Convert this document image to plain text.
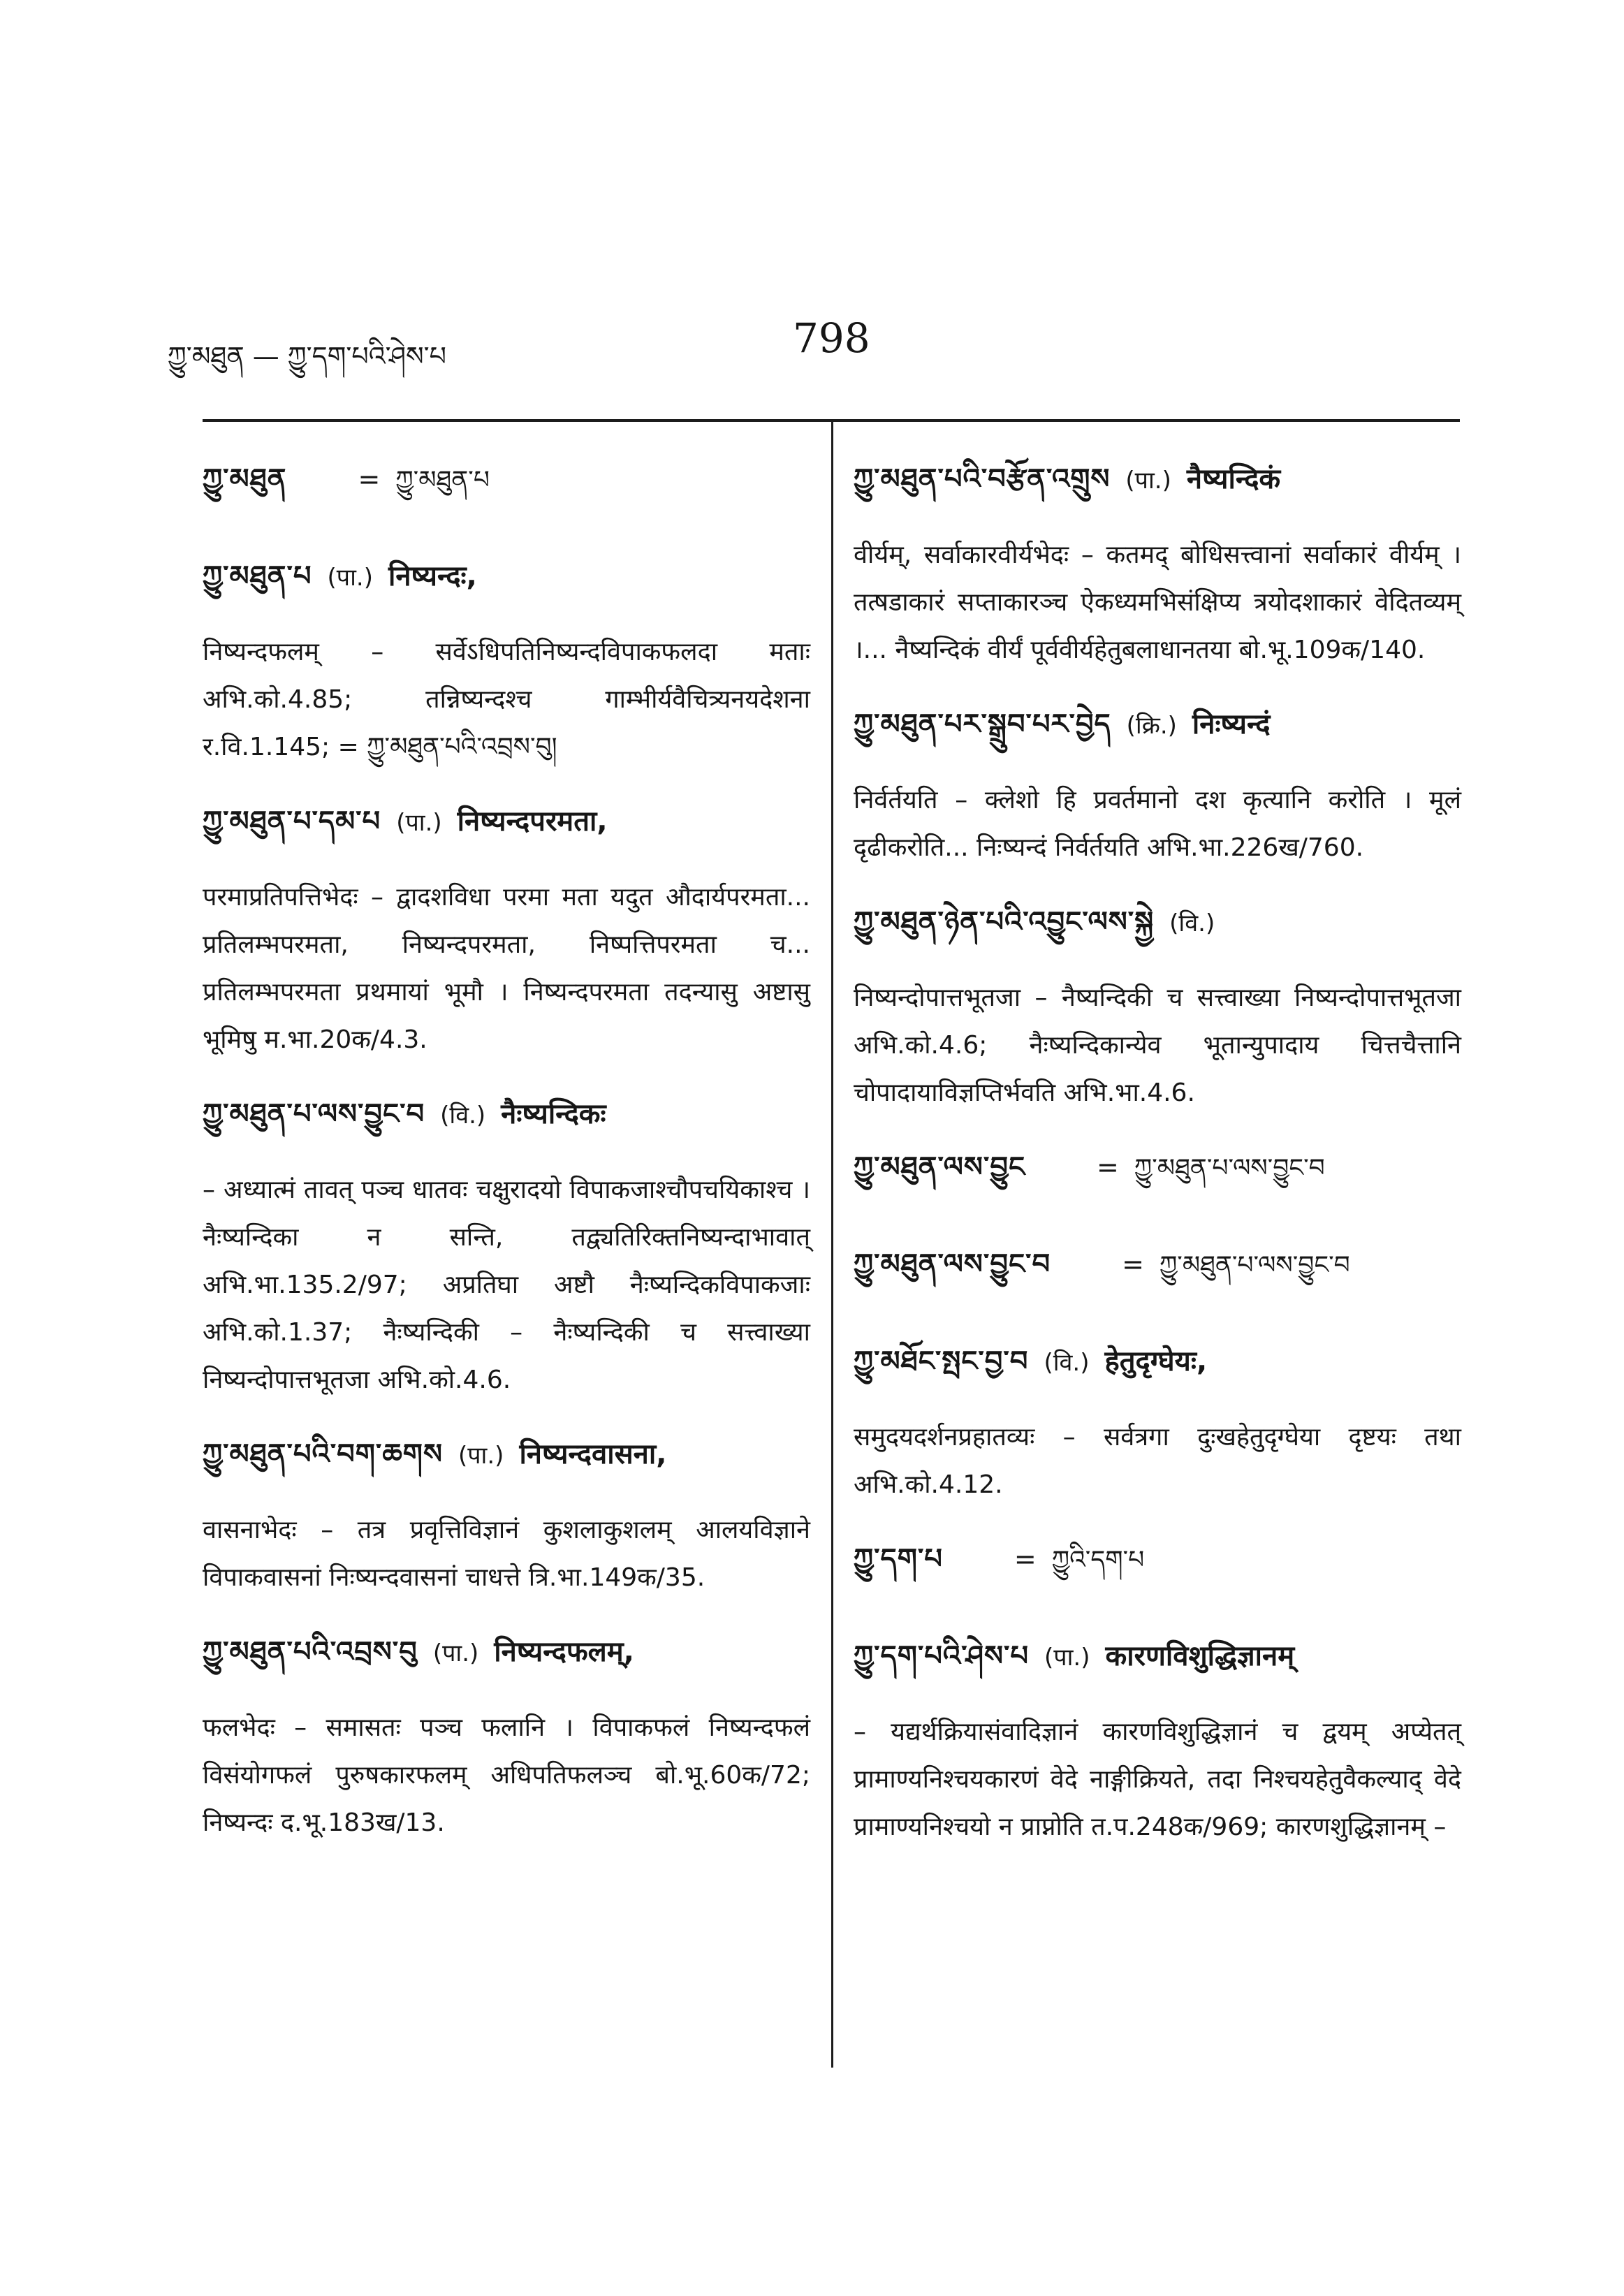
ཀྱུ་མཐུན — ཀྱུ་དག་པའི་ཤེས་པ	798
ཀྱུ་མཐུན	= ཀྱུ་མཐུན་པ
ཀྱུ་མཐུན་པ (पा.) निष्यन्दः,
निष्यन्दफलम् – सर्वेऽधिपतिनिष्यन्दविपाकफलदा मताः अभि.को.4.85; तन्निष्यन्दश्च गाम्भीर्यवैचित्र्यनयदेशना र.वि.1.145; = ཀྱུ་མཐུན་པའི་འབྲས་བུ།
ཀྱུ་མཐུན་པ་དམ་པ (पा.) निष्यन्दपरमता,
परमाप्रतिपत्तिभेदः – द्वादशविधा परमा मता यदुत औदार्यपरमता... प्रतिलम्भपरमता, निष्यन्दपरमता, निष्पत्तिपरमता च... प्रतिलम्भपरमता प्रथमायां भूमौ । निष्यन्दपरमता तदन्यासु अष्टासु भूमिषु म.भा.20क/4.3.
ཀྱུ་མཐུན་པ་ལས་བྱུང་བ (वि.) नैःष्यन्दिकः
– अध्यात्मं तावत् पञ्च धातवः चक्षुरादयो विपाकजाश्चौपचयिकाश्च । नैःष्यन्दिका न सन्ति, तद्व्यतिरिक्तनिष्यन्दाभावात् अभि.भा.135.2/97; अप्रतिघा अष्टौ नैःष्यन्दिकविपाकजाः अभि.को.1.37; नैःष्यन्दिकी – नैःष्यन्दिकी च सत्त्वाख्या निष्यन्दोपात्तभूतजा अभि.को.4.6.
ཀྱུ་མཐུན་པའི་བག་ཆགས (पा.) निष्यन्दवासना,
वासनाभेदः – तत्र प्रवृत्तिविज्ञानं कुशलाकुशलम् आलयविज्ञाने विपाकवासनां निःष्यन्दवासनां चाधत्ते त्रि.भा.149क/35.
ཀྱུ་མཐུན་པའི་འབྲས་བུ (पा.) निष्यन्दफलम्,
फलभेदः – समासतः पञ्च फलानि । विपाकफलं निष्यन्दफलं विसंयोगफलं पुरुषकारफलम् अधिपतिफलञ्च बो.भू.60क/72; निष्यन्दः द.भू.183ख/13.
ཀྱུ་མཐུན་པའི་བརྩོན་འགྲུས (पा.) नैष्यन्दिकं
वीर्यम्, सर्वाकारवीर्यभेदः – कतमद् बोधिसत्त्वानां सर्वाकारं वीर्यम् । तत्षडाकारं सप्ताकारञ्च ऐकध्यमभिसंक्षिप्य त्रयोदशाकारं वेदितव्यम् ।... नैष्यन्दिकं वीर्यं पूर्ववीर्यहेतुबलाधानतया बो.भू.109क/140.
ཀྱུ་མཐུན་པར་སྒྲུབ་པར་བྱེད (क्रि.) निःष्यन्दं
निर्वर्तयति – क्लेशो हि प्रवर्तमानो दश कृत्यानि करोति । मूलं दृढीकरोति... निःष्यन्दं निर्वर्तयति अभि.भा.226ख/760.
ཀྱུ་མཐུན་ཉེན་པའི་འབྱུང་ལས་སྐྱེ (वि.)
निष्यन्दोपात्तभूतजा – नैष्यन्दिकी च सत्त्वाख्या निष्यन्दोपात्तभूतजा अभि.को.4.6; नैःष्यन्दिकान्येव भूतान्युपादाय चित्तचैत्तानि चोपादायाविज्ञप्तिर्भवति अभि.भा.4.6.
ཀྱུ་མཐུན་ལས་བྱུང	= ཀྱུ་མཐུན་པ་ལས་བྱུང་བ
ཀྱུ་མཐུན་ལས་བྱུང་བ	= ཀྱུ་མཐུན་པ་ལས་བྱུང་བ
ཀྱུ་མཐོང་སྤང་བྱ་བ (वि.) हेतुदृग्घेयः,
समुदयदर्शनप्रहातव्यः – सर्वत्रगा दुःखहेतुदृग्घेया दृष्टयः तथा अभि.को.4.12.
ཀྱུ་དག་པ	= ཀྱུའི་དག་པ
ཀྱུ་དག་པའི་ཤེས་པ (पा.) कारणविशुद्धिज्ञानम्
– यद्यर्थक्रियासंवादिज्ञानं कारणविशुद्धिज्ञानं च द्वयम् अप्येतत् प्रामाण्यनिश्चयकारणं वेदे नाङ्गीक्रियते, तदा निश्चयहेतुवैकल्याद् वेदे प्रामाण्यनिश्चयो न प्राप्नोति त.प.248क/969; कारणशुद्धिज्ञानम् –
